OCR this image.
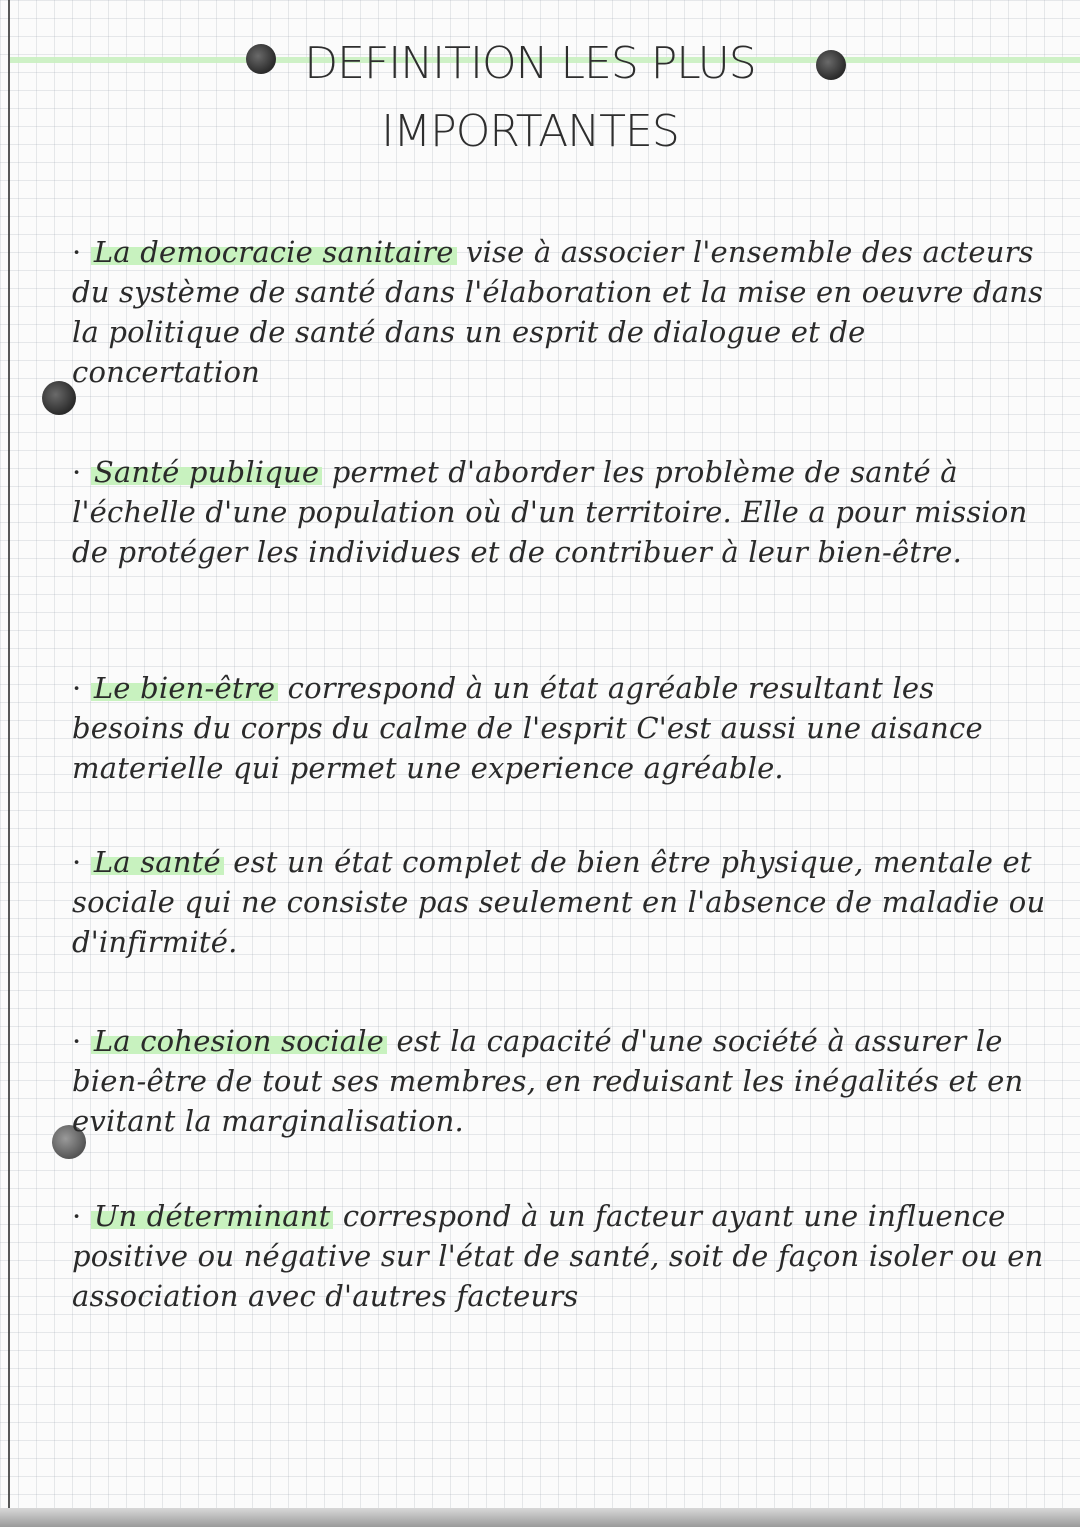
DEFINITION LES PLUS
IMPORTANTES
· La democracie sanitaire vise à associer l'ensemble des acteurs du système de santé dans l'élaboration et la mise en oeuvre dans la politique de santé dans un esprit de dialogue et de concertation
· Santé publique permet d'aborder les problème de santé à l'échelle d'une population où d'un territoire. Elle a pour mission de protéger les individues et de contribuer à leur bien-être.
· Le bien-être correspond à un état agréable resultant les besoins du corps du calme de l'esprit C'est aussi une aisance materielle qui permet une experience agréable.
· La santé est un état complet de bien être physique, mentale et sociale qui ne consiste pas seulement en l'absence de maladie ou d'infirmité.
· La cohesion sociale est la capacité d'une société à assurer le bien-être de tout ses membres, en reduisant les inégalités et en evitant la marginalisation.
· Un déterminant correspond à un facteur ayant une influence positive ou négative sur l'état de santé, soit de façon isoler ou en association avec d'autres facteurs
